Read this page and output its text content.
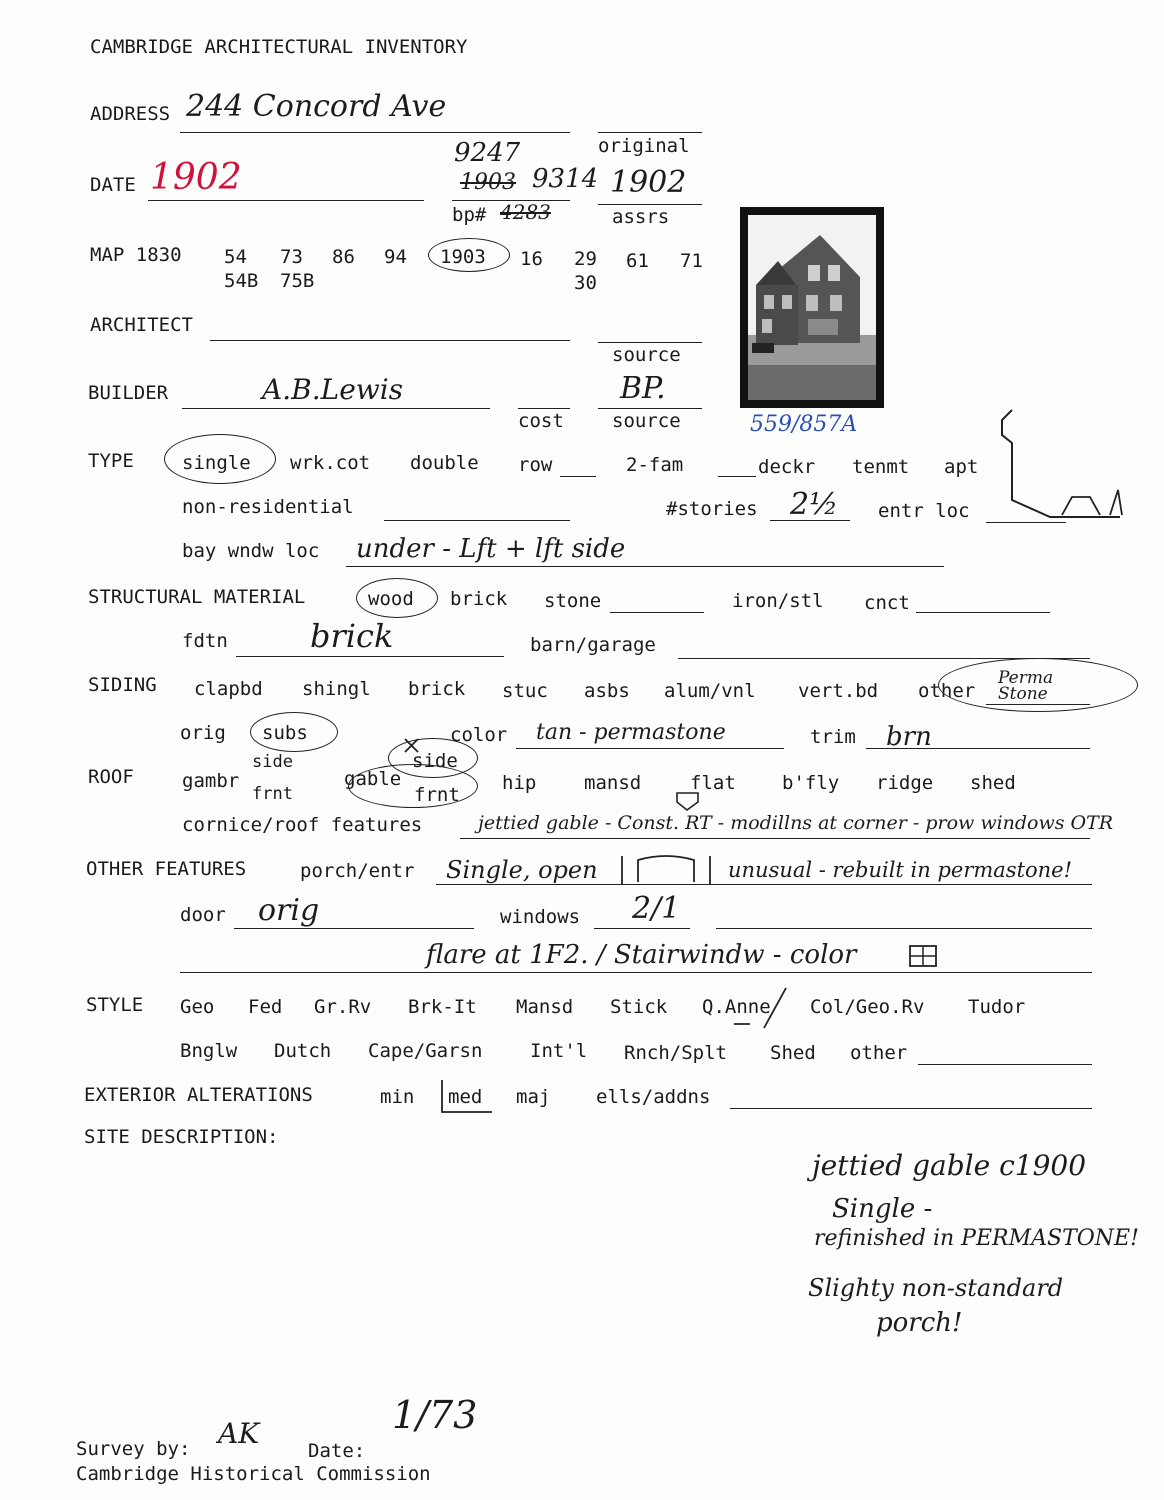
CAMBRIDGE ARCHITECTURAL INVENTORY
ADDRESS 244 Concord Ave
original
9247
1903 9314 1902
DATE 1902
bp# 4283	assrs
MAP 1830 54 73 86 94 1903 16 29 61 71
54B 75B	30
559/857A
ARCHITECT
source
BUILDER	A.B.Lewis
cost
BP.
source
TYPE	single wrk.cot double row	2-fam	deckr tenmt apt
non-residential	#stories 2½ entr loc
bay wndw loc under - Lft + lft side
STRUCTURAL MATERIAL	wood brick stone	iron/stl cnct
fdtn	brick	barn/garage
SIDING clapbd shingl brick stuc asbs alum/vnl vert.bd other
Perma Stone
orig subs	color tan - permastone	trim brn
ROOF	gambr
side
frnt
gable
side
frnt
hip	mansd	flat b'fly ridge shed
cornice/roof features	jettied gable - Const. RT - modillns at corner - prow windows OTR
OTHER FEATURES	porch/entr Single, open	unusual - rebuilt in permastone!
door orig	windows 2/1
flare at 1F2. / Stairwindw - color
STYLE Geo Fed Gr.Rv Brk-It Mansd Stick Q.Anne Col/Geo.Rv Tudor
Bnglw Dutch Cape/Garsn	Int'l Rnch/Splt Shed other
EXTERIOR ALTERATIONS	min med maj ells/addns
SITE DESCRIPTION:
jettied gable c1900
Single -
refinished in PERMASTONE!
Slighty non-standard
porch!
Survey by: AK
Date:
1/73
Cambridge Historical Commission
